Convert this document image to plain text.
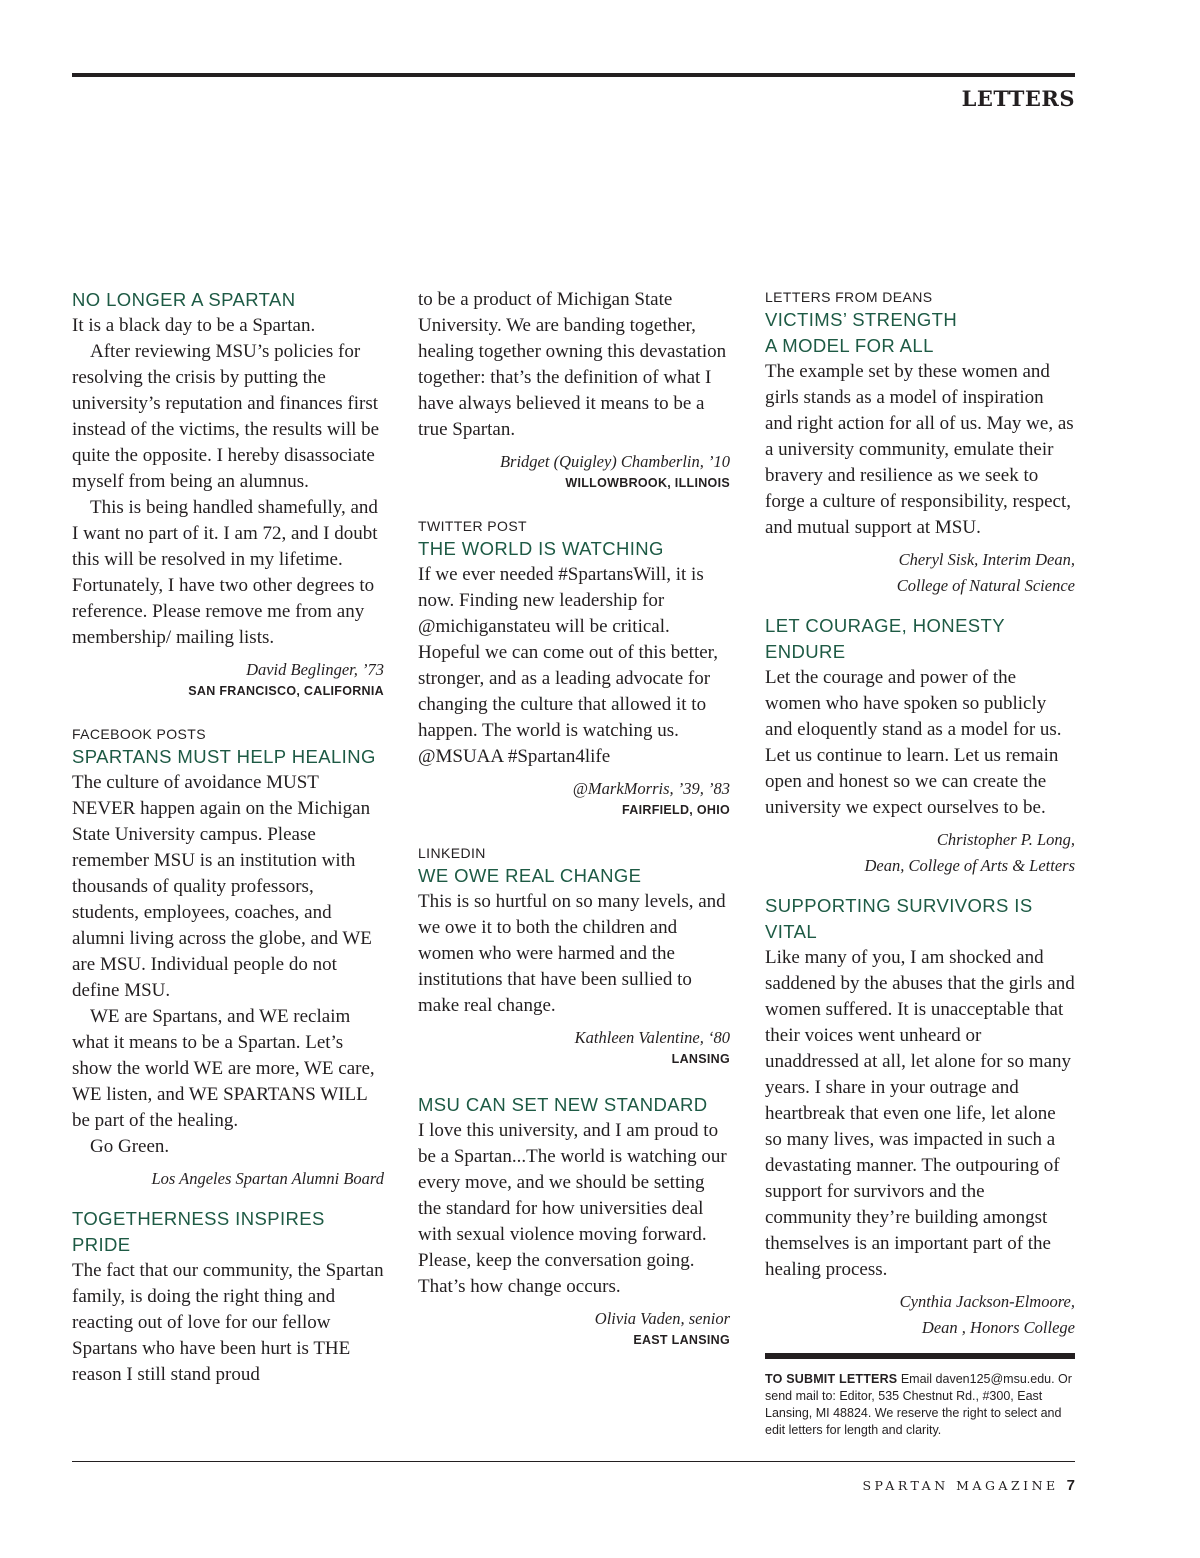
LETTERS
NO LONGER A SPARTAN

It is a black day to be a Spartan.

After reviewing MSU’s policies for resolving the crisis by putting the university’s reputation and finances first instead of the victims, the results will be quite the opposite. I hereby disassociate myself from being an alumnus.

This is being handled shamefully, and I want no part of it. I am 72, and I doubt this will be resolved in my lifetime. Fortunately, I have two other degrees to reference. Please remove me from any membership/ mailing lists.

David Beglinger, ’73

SAN FRANCISCO, CALIFORNIA

FACEBOOK POSTS

SPARTANS MUST HELP HEALING

The culture of avoidance MUST NEVER happen again on the Michigan State University campus. Please remember MSU is an institution with thousands of quality professors, students, employees, coaches, and alumni living across the globe, and WE are MSU. Individual people do not define MSU.

WE are Spartans, and WE reclaim what it means to be a Spartan. Let’s show the world WE are more, WE care, WE listen, and WE SPARTANS WILL be part of the healing.

Go Green.

Los Angeles Spartan Alumni Board

TOGETHERNESS INSPIRES PRIDE

The fact that our community, the Spartan family, is doing the right thing and reacting out of love for our fellow Spartans who have been hurt is THE reason I still stand proud

to be a product of Michigan State University. We are banding together, healing together owning this devastation together: that’s the definition of what I have always believed it means to be a true Spartan.

Bridget (Quigley) Chamberlin, ’10

WILLOWBROOK, ILLINOIS

TWITTER POST

THE WORLD IS WATCHING

If we ever needed #SpartansWill, it is now. Finding new leadership for @michiganstateu will be critical. Hopeful we can come out of this better, stronger, and as a leading advocate for changing the culture that allowed it to happen. The world is watching us.

@MSUAA #Spartan4life

@MarkMorris, ’39, ’83

FAIRFIELD, OHIO

LINKEDIN

WE OWE REAL CHANGE

This is so hurtful on so many levels, and we owe it to both the children and women who were harmed and the institutions that have been sullied to make real change.

Kathleen Valentine, ‘80

LANSING

MSU CAN SET NEW STANDARD

I love this university, and I am proud to be a Spartan...The world is watching our every move, and we should be setting the standard for how universities deal with sexual violence moving forward. Please, keep the conversation going. That’s how change occurs.

Olivia Vaden, senior

EAST LANSING

LETTERS FROM DEANS

VICTIMS’ STRENGTH
A MODEL FOR ALL

The example set by these women and girls stands as a model of inspiration and right action for all of us. May we, as a university community, emulate their bravery and resilience as we seek to forge a culture of responsibility, respect, and mutual support at MSU.

Cheryl Sisk, Interim Dean,

College of Natural Science

LET COURAGE, HONESTY ENDURE

Let the courage and power of the women who have spoken so publicly and eloquently stand as a model for us. Let us continue to learn. Let us remain open and honest so we can create the university we expect ourselves to be.

Christopher P. Long,

Dean, College of Arts & Letters

SUPPORTING SURVIVORS IS VITAL

Like many of you, I am shocked and saddened by the abuses that the girls and women suffered. It is unacceptable that their voices went unheard or unaddressed at all, let alone for so many years. I share in your outrage and heartbreak that even one life, let alone so many lives, was impacted in such a devastating manner. The outpouring of support for survivors and the community they’re building amongst themselves is an important part of the healing process.

Cynthia Jackson-Elmoore,

Dean , Honors College

TO SUBMIT LETTERS Email daven125@msu.edu. Or send mail to: Editor, 535 Chestnut Rd., #300, East Lansing, MI 48824. We reserve the right to select and edit letters for length and clarity.

SPARTAN MAGAZINE 7
